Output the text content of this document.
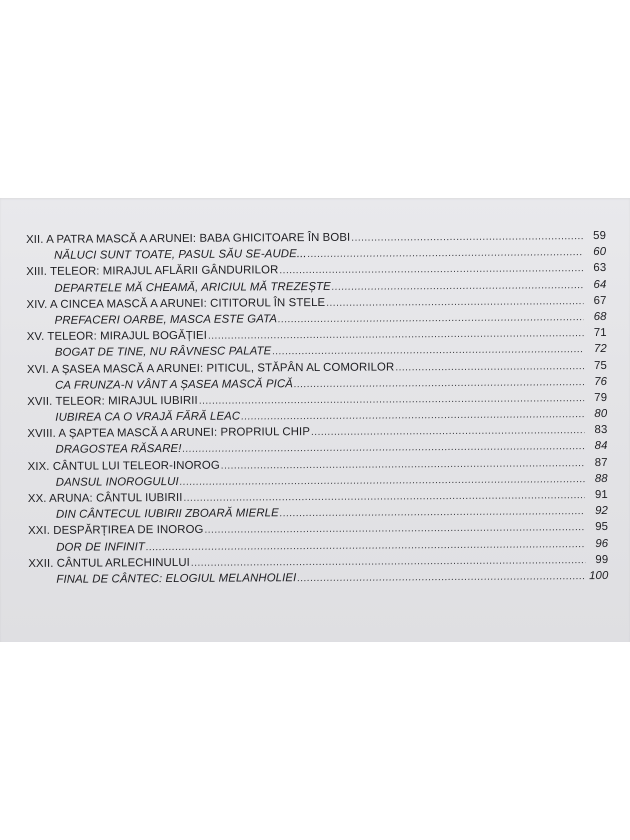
XII. A PATRA MASCĂ A ARUNEI: BABA GHICITOARE ÎN BOBI .....	59
NĂLUCI SUNT TOATE, PASUL SĂU SE-AUDE... .....	60
XIII. TELEOR: MIRAJUL AFLĂRII GÂNDURILOR .....	63
DEPARTELE MĂ CHEAMĂ, ARICIUL MĂ TREZEȘTE .....	64
XIV. A CINCEA MASCĂ A ARUNEI: CITITORUL ÎN STELE .....	67
PREFACERI OARBE, MASCA ESTE GATA .....	68
XV. TELEOR: MIRAJUL BOGĂȚIEI .....	71
BOGAT DE TINE, NU RÂVNESC PALATE .....	72
XVI. A ȘASEA MASCĂ A ARUNEI: PITICUL, STĂPÂN AL COMORILOR .....	75
CA FRUNZA-N VÂNT A ȘASEA MASCĂ PICĂ .....	76
XVII. TELEOR: MIRAJUL IUBIRII .....	79
IUBIREA CA O VRAJĂ FĂRĂ LEAC .....	80
XVIII. A ȘAPTEA MASCĂ A ARUNEI: PROPRIUL CHIP .....	83
DRAGOSTEA RĂSARE! .....	84
XIX. CÂNTUL LUI TELEOR-INOROG .....	87
DANSUL INOROGULUI .....	88
XX. ARUNA: CÂNTUL IUBIRII .....	91
DIN CÂNTECUL IUBIRII ZBOARĂ MIERLE .....	92
XXI. DESPĂRȚIREA DE INOROG .....	95
DOR DE INFINIT .....	96
XXII. CÂNTUL ARLECHINULUI .....	99
FINAL DE CÂNTEC: ELOGIUL MELANHOLIEI .....	100
